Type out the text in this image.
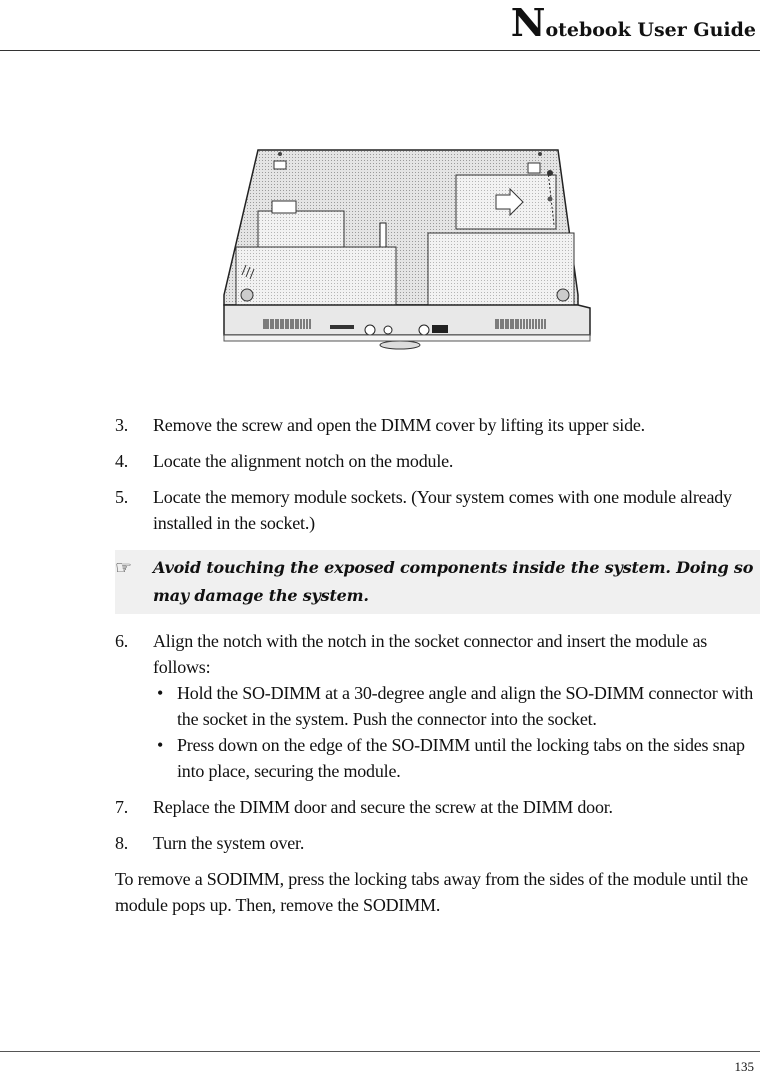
Notebook User Guide
3. Remove the screw and open the DIMM cover by lifting its upper side.
4. Locate the alignment notch on the module.
5. Locate the memory module sockets. (Your system comes with one module already installed in the socket.)
☞ Avoid touching the exposed components inside the system. Doing so may damage the system.
6. Align the notch with the notch in the socket connector and insert the module as follows:
• Hold the SO-DIMM at a 30-degree angle and align the SO-DIMM connector with the socket in the system. Push the connector into the socket.
• Press down on the edge of the SO-DIMM until the locking tabs on the sides snap into place, securing the module.
7. Replace the DIMM door and secure the screw at the DIMM door.
8. Turn the system over.
To remove a SODIMM, press the locking tabs away from the sides of the module until the module pops up. Then, remove the SODIMM.
135
